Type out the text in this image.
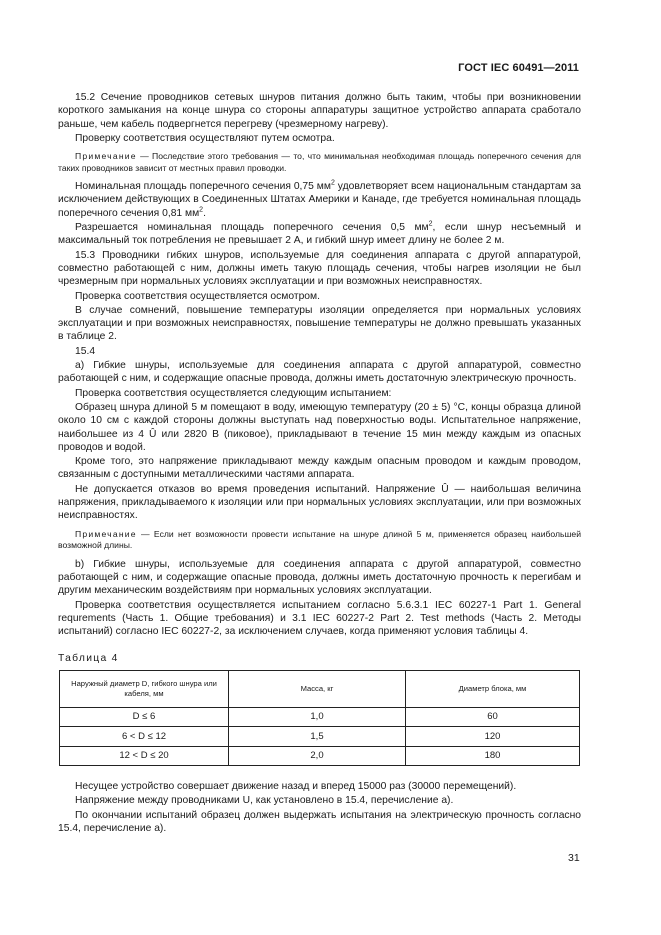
ГОСТ IEC 60491—2011

15.2 Сечение проводников сетевых шнуров питания должно быть таким, чтобы при возникновении короткого замыкания на конце шнура со стороны аппаратуры защитное устройство аппарата сработало раньше, чем кабель подвергнется перегреву (чрезмерному нагреву).

Проверку соответствия осуществляют путем осмотра.

Примечание — Последствие этого требования — то, что минимальная необходимая площадь поперечного сечения для таких проводников зависит от местных правил проводки.

Номинальная площадь поперечного сечения 0,75 $мм^2$ удовлетворяет всем национальным стандартам за исключением действующих в Соединенных Штатах Америки и Канаде, где требуется номинальная площадь поперечного сечения 0,81 $мм^2$.

Разрешается номинальная площадь поперечного сечения 0,5 $мм^2$, если шнур несъемный и максимальный ток потребления не превышает 2 А, и гибкий шнур имеет длину не более 2 м.

15.3 Проводники гибких шнуров, используемые для соединения аппарата с другой аппаратурой, совместно работающей с ним, должны иметь такую площадь сечения, чтобы нагрев изоляции не был чрезмерным при нормальных условиях эксплуатации и при возможных неисправностях.

Проверка соответствия осуществляется осмотром.

В случае сомнений, повышение температуры изоляции определяется при нормальных условиях эксплуатации и при возможных неисправностях, повышение температуры не должно превышать указанных в таблице 2.

15.4

а) Гибкие шнуры, используемые для соединения аппарата с другой аппаратурой, совместно работающей с ним, и содержащие опасные провода, должны иметь достаточную электрическую прочность.

Проверка соответствия осуществляется следующим испытанием:

Образец шнура длиной 5 м помещают в воду, имеющую температуру (20 ± 5) °С, концы образца длиной около 10 см с каждой стороны должны выступать над поверхностью воды. Испытательное напряжение, наибольшее из 4 Û или 2820 В (пиковое), прикладывают в течение 15 мин между каждым из опасных проводов и водой.

Кроме того, это напряжение прикладывают между каждым опасным проводом и каждым проводом, связанным с доступными металлическими частями аппарата.

Не допускается отказов во время проведения испытаний. Напряжение Û — наибольшая величина напряжения, прикладываемого к изоляции или при нормальных условиях эксплуатации, или при возможных неисправностях.

Примечание — Если нет возможности провести испытание на шнуре длиной 5 м, применяется образец наибольшей возможной длины.

b) Гибкие шнуры, используемые для соединения аппарата с другой аппаратурой, совместно работающей с ним, и содержащие опасные провода, должны иметь достаточную прочность к перегибам и другим механическим воздействиям при нормальных условиях эксплуатации.

Проверка соответствия осуществляется испытанием согласно 5.6.3.1 IEC 60227-1 Part 1. General requrements (Часть 1. Общие требования) и 3.1 IEC 60227-2 Part 2. Test methods (Часть 2. Методы испытаний) согласно IEC 60227-2, за исключением случаев, когда применяют условия таблицы 4.

Таблица 4
Наружный диаметр D, гибкого шнура или кабеля, мм	Масса, кг	Диаметр блока, мм
D ≤ 6	1,0	60
6 < D ≤ 12	1,5	120
12 < D ≤ 20	2,0	180

Несущее устройство совершает движение назад и вперед 15000 раз (30000 перемещений).

Напряжение между проводниками U, как установлено в 15.4, перечисление а).

По окончании испытаний образец должен выдержать испытания на электрическую прочность согласно 15.4, перечисление а).

31
